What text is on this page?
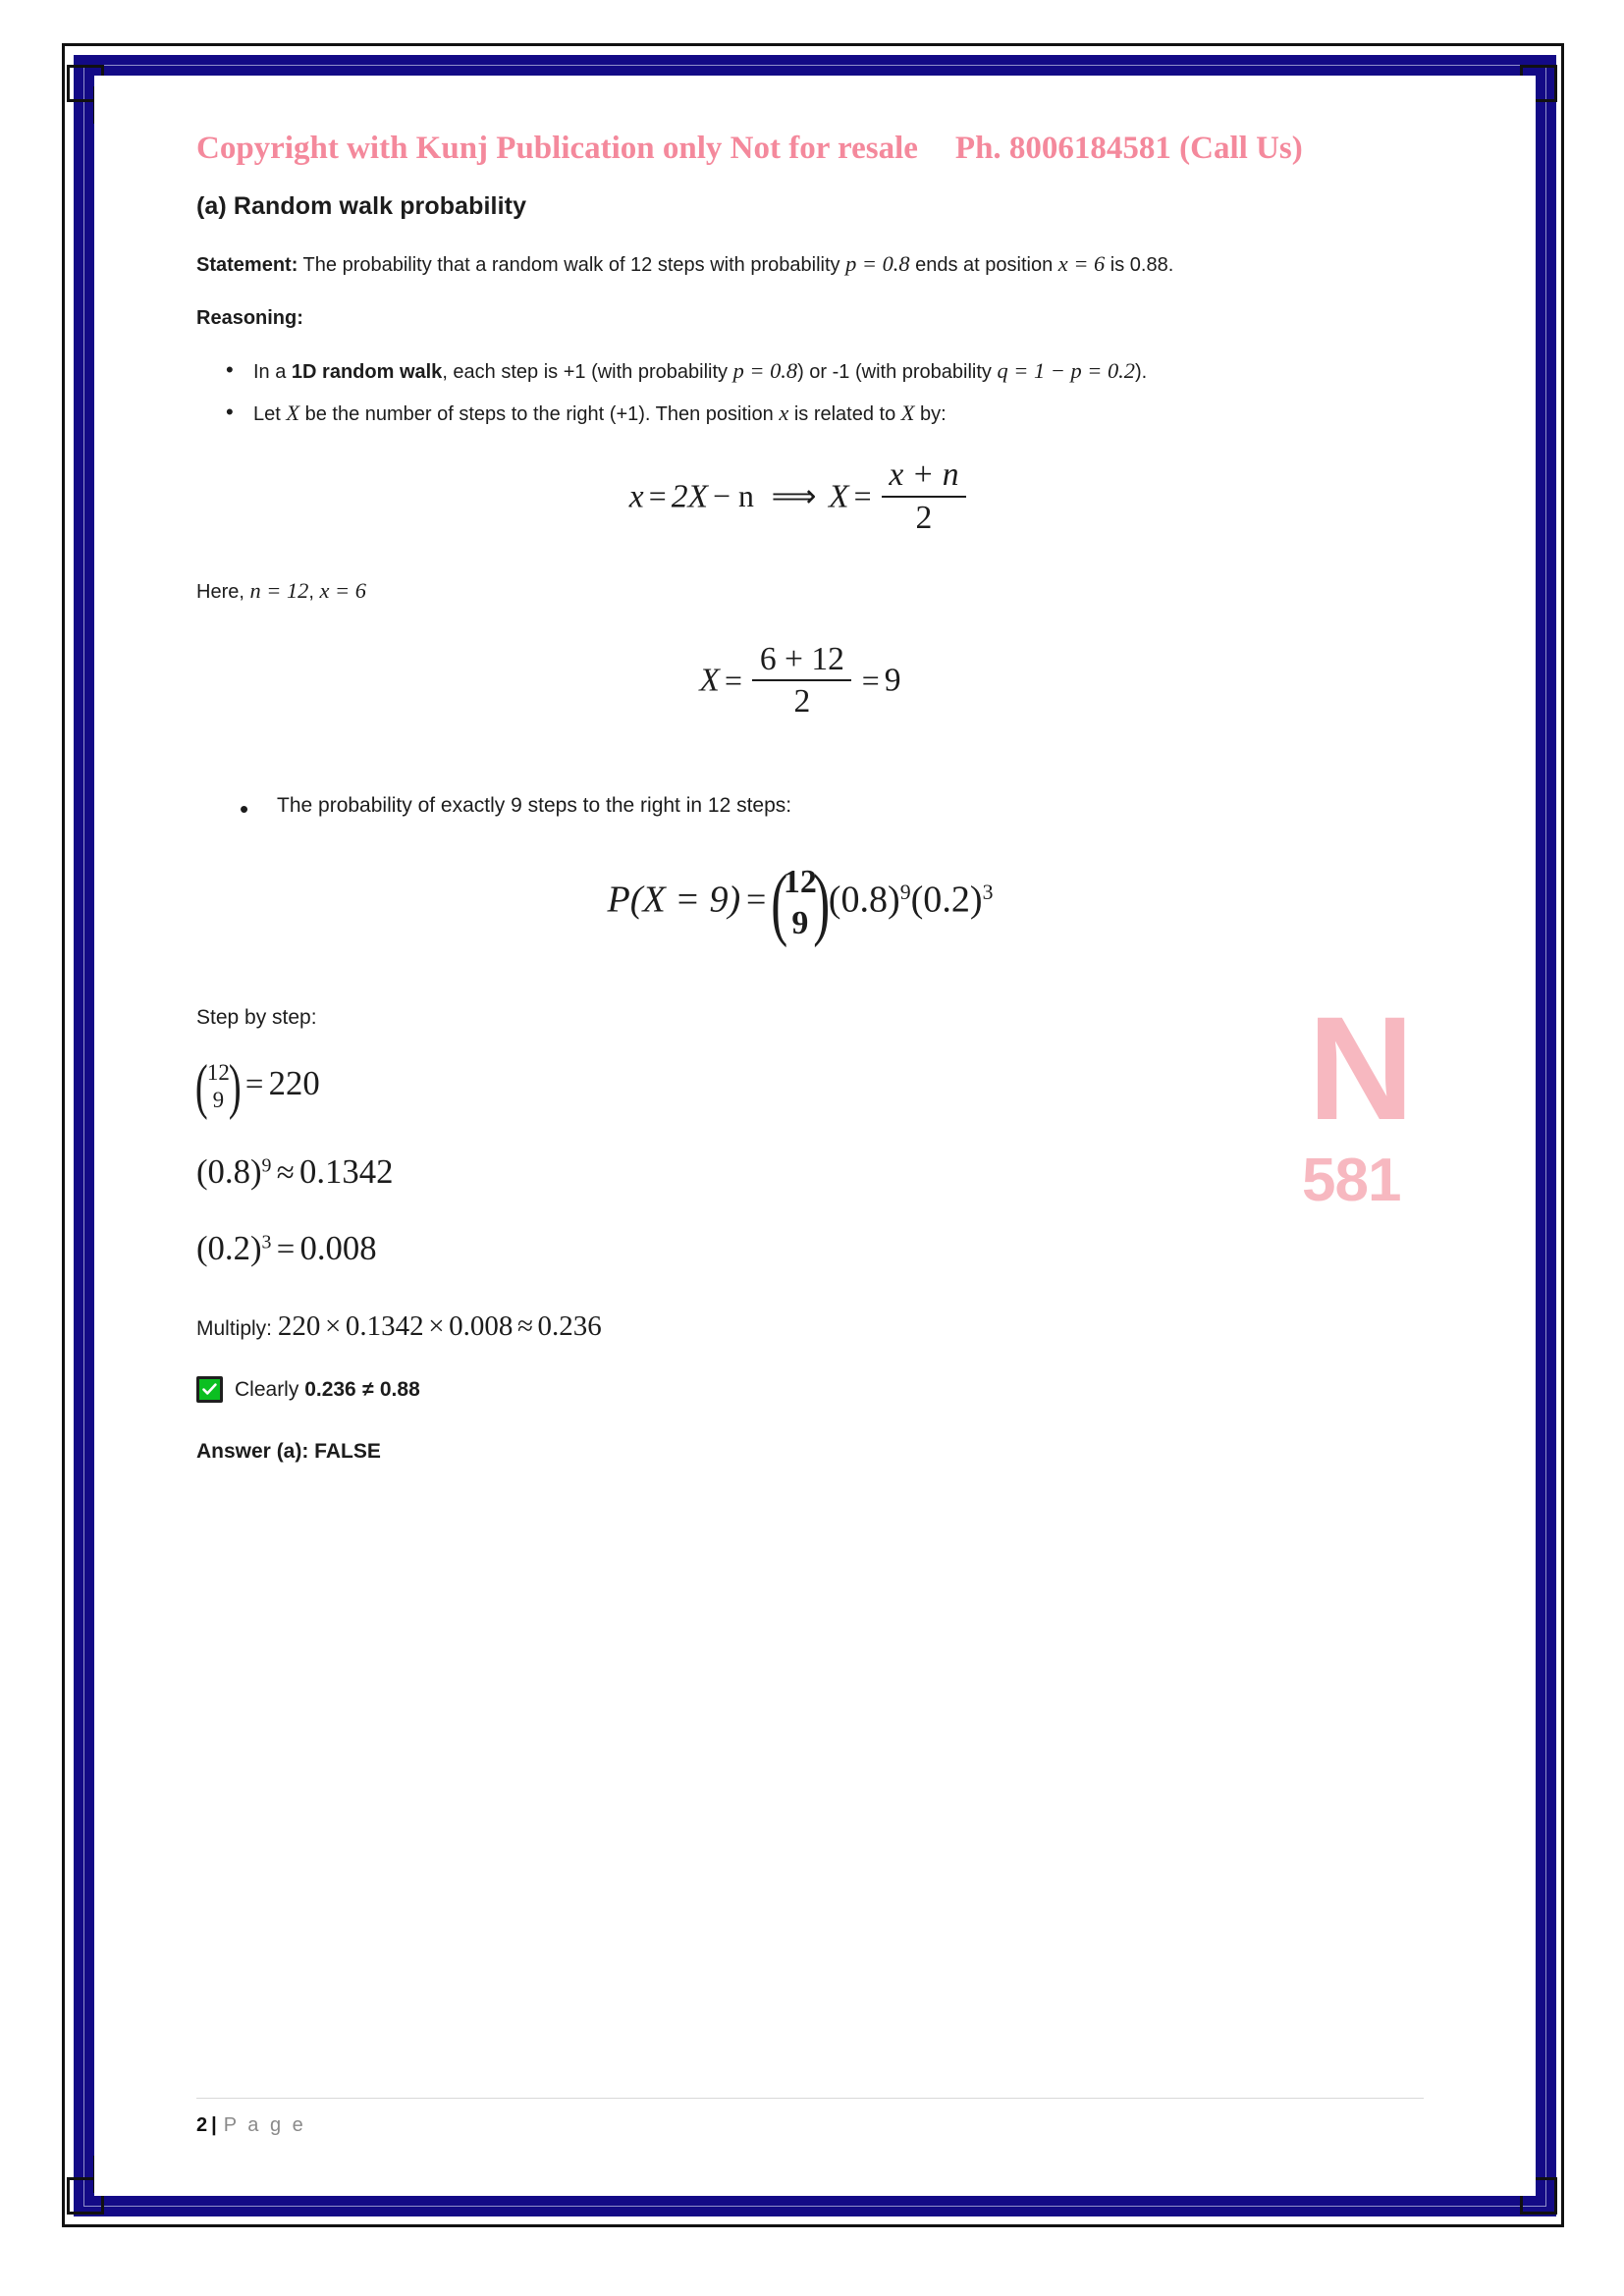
N
581
Copyright with Kunj Publication only Not for resale Ph. 8006184581 (Call Us)
(a) Random walk probability

Statement: The probability that a random walk of 12 steps with probability p = 0.8 ends at position x = 6 is 0.88.

Reasoning:
• In a 1D random walk, each step is +1 (with probability p = 0.8) or -1 (with probability q = 1 − p = 0.2).
• Let X be the number of steps to the right (+1). Then position x is related to X by:
x = 2X − n ⟹ $X = \frac{x + n}{2}$

Here, n = 12, x = 6

$X = \frac{6 + 12}{2} = 9$
• The probability of exactly 9 steps to the right in 12 steps:
P(X = 9) = (
12
9 )
$(0.8)^9(0.2)^3$
Step by step:
(
12
9 ) = 220
$(0.8)^9 \approx 0.1342$
$(0.2)^3 = 0.008$
Multiply: 220 × 0.1342 × 0.008 ≈ 0.236
Clearly 0.236 ≠ 0.88
Answer (a): FALSE
2 | P a g e
